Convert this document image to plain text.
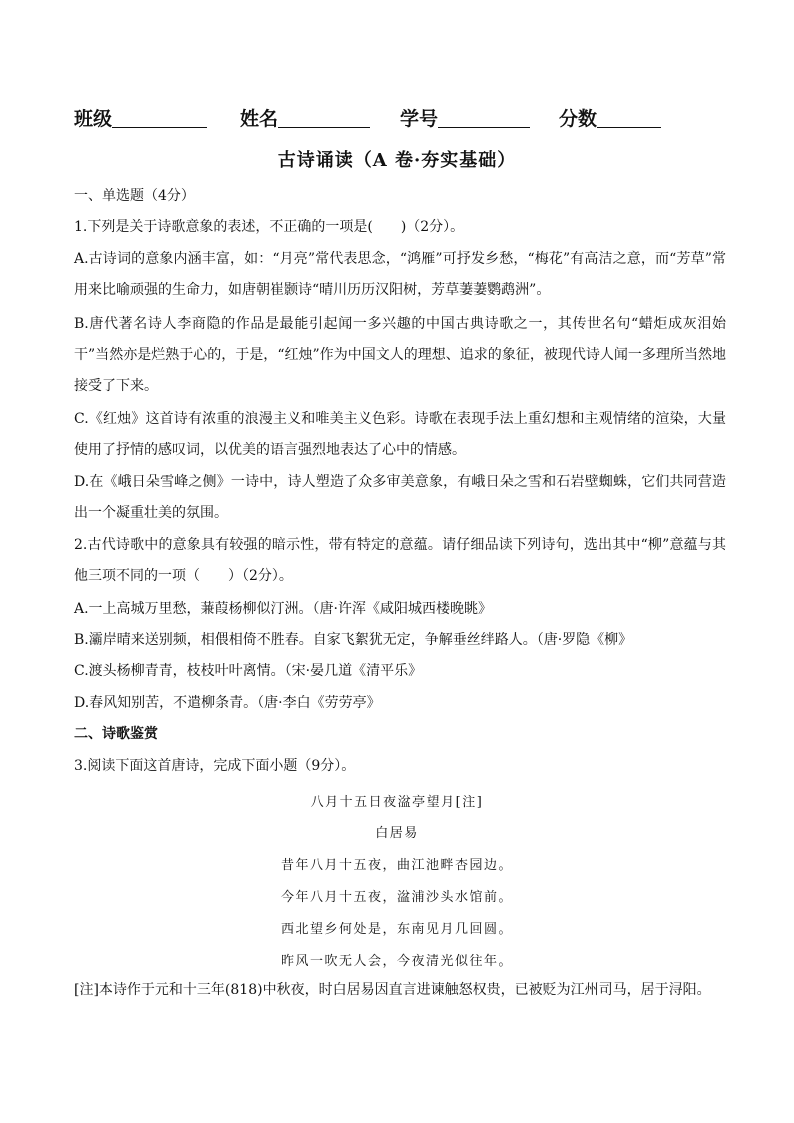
班级	姓名	学号	分数
古诗诵读（A 卷·夯实基础）

一、单选题（4分）

1.下列是关于诗歌意象的表述，不正确的一项是(　　)（2分）。

A.古诗词的意象内涵丰富，如：“月亮”常代表思念，“鸿雁”可抒发乡愁，“梅花”有高洁之意，而“芳草”常用来比喻顽强的生命力，如唐朝崔颢诗“晴川历历汉阳树，芳草萋萋鹦鹉洲”。

B.唐代著名诗人李商隐的作品是最能引起闻一多兴趣的中国古典诗歌之一，其传世名句“蜡炬成灰泪始干”当然亦是烂熟于心的，于是，“红烛”作为中国文人的理想、追求的象征，被现代诗人闻一多理所当然地接受了下来。

C.《红烛》这首诗有浓重的浪漫主义和唯美主义色彩。诗歌在表现手法上重幻想和主观情绪的渲染，大量使用了抒情的感叹词，以优美的语言强烈地表达了心中的情感。

D.在《峨日朵雪峰之侧》一诗中，诗人塑造了众多审美意象，有峨日朵之雪和石岩壁蜘蛛，它们共同营造出一个凝重壮美的氛围。

2.古代诗歌中的意象具有较强的暗示性，带有特定的意蕴。请仔细品读下列诗句，选出其中“柳”意蕴与其他三项不同的一项（　　）（2分）。

A.一上高城万里愁，蒹葭杨柳似汀洲。（唐·许浑《咸阳城西楼晚眺》

B.灞岸晴来送别频，相偎相倚不胜春。自家飞絮犹无定，争解垂丝绊路人。（唐·罗隐《柳》

C.渡头杨柳青青，枝枝叶叶离情。（宋·晏几道《清平乐》

D.春风知别苦，不遣柳条青。（唐·李白《劳劳亭》

二、诗歌鉴赏

3.阅读下面这首唐诗，完成下面小题（9分）。

八月十五日夜湓亭望月[注]
白居易
昔年八月十五夜，曲江池畔杏园边。
今年八月十五夜，湓浦沙头水馆前。
西北望乡何处是，东南见月几回圆。
昨风一吹无人会，今夜清光似往年。

[注]本诗作于元和十三年(818)中秋夜，时白居易因直言进谏触怒权贵，已被贬为江州司马，居于浔阳。
